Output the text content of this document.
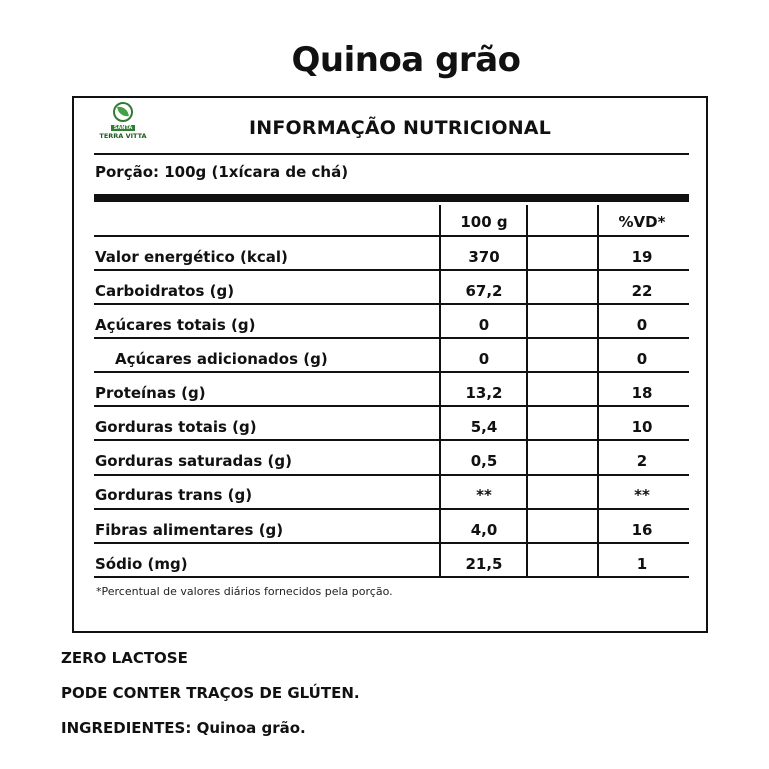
Quinoa grão
SANTA
TERRA VITTA	INFORMAÇÃO NUTRICIONAL
Porção: 100g (1xícara de chá)
100 g	%VD*
Valor energético (kcal)	370	19
Carboidratos (g)	67,2	22
Açúcares totais (g)	0	0
Açúcares adicionados (g)	0	0
Proteínas (g)	13,2	18
Gorduras totais (g)	5,4	10
Gorduras saturadas (g)	0,5	2
Gorduras trans (g)	**	**
Fibras alimentares (g)	4,0	16
Sódio (mg)	21,5	1
*Percentual de valores diários fornecidos pela porção.
ZERO LACTOSE
PODE CONTER TRAÇOS DE GLÚTEN.
INGREDIENTES: Quinoa grão.
